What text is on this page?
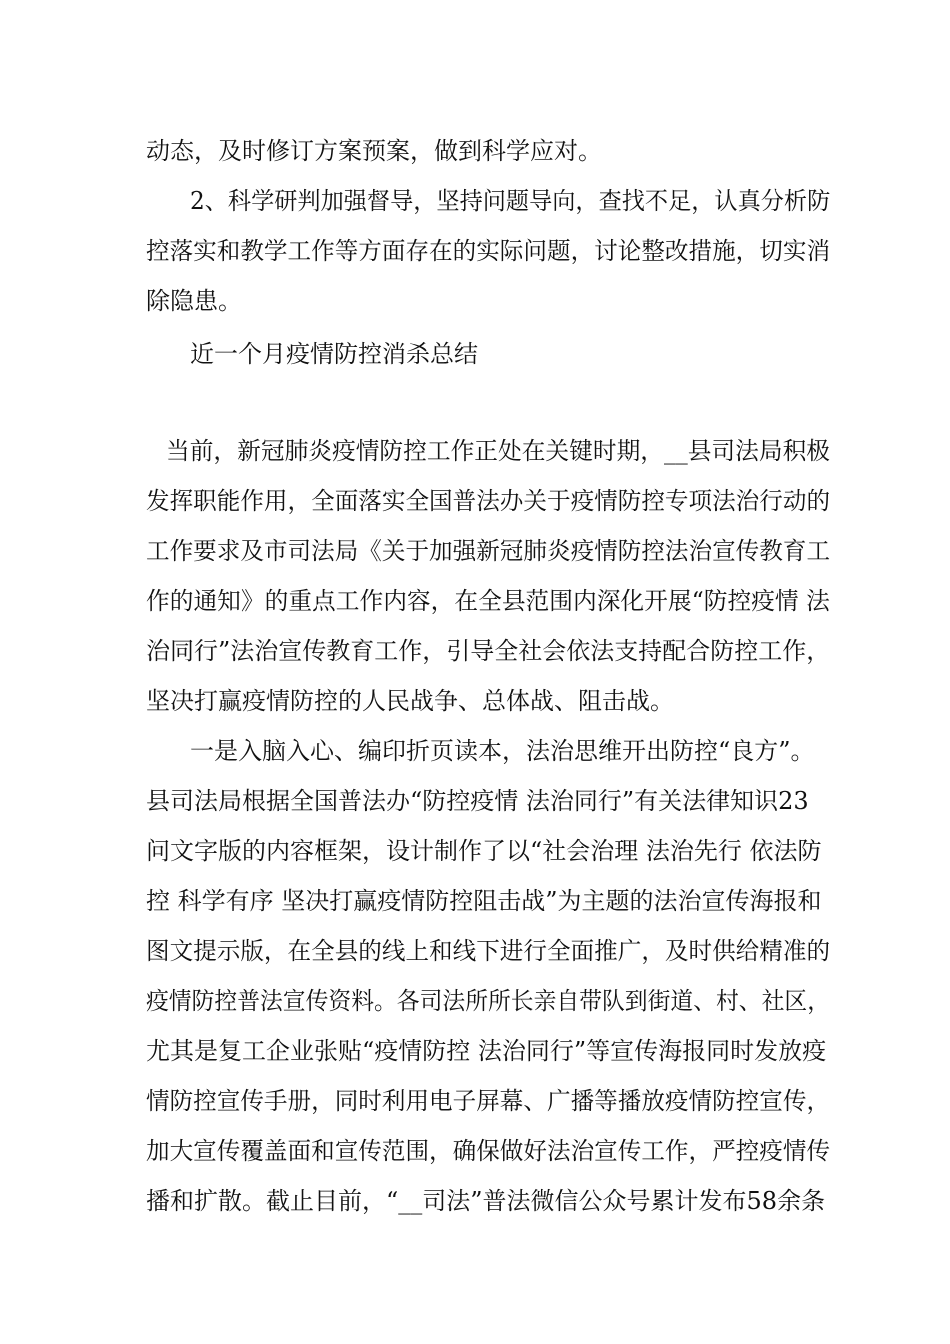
动态，及时修订方案预案，做到科学应对。
2、科学研判加强督导，坚持问题导向，查找不足，认真分析防
控落实和教学工作等方面存在的实际问题，讨论整改措施，切实消
除隐患。
近一个月疫情防控消杀总结
当前，新冠肺炎疫情防控工作正处在关键时期，__县司法局积极
发挥职能作用，全面落实全国普法办关于疫情防控专项法治行动的
工作要求及市司法局《关于加强新冠肺炎疫情防控法治宣传教育工
作的通知》的重点工作内容，在全县范围内深化开展“防控疫情 法
治同行”法治宣传教育工作，引导全社会依法支持配合防控工作，
坚决打赢疫情防控的人民战争、总体战、阻击战。
一是入脑入心、编印折页读本，法治思维开出防控“良方”。
县司法局根据全国普法办“防控疫情 法治同行”有关法律知识23
问文字版的内容框架，设计制作了以“社会治理 法治先行 依法防
控 科学有序 坚决打赢疫情防控阻击战”为主题的法治宣传海报和
图文提示版，在全县的线上和线下进行全面推广，及时供给精准的
疫情防控普法宣传资料。各司法所所长亲自带队到街道、村、社区，
尤其是复工企业张贴“疫情防控 法治同行”等宣传海报同时发放疫
情防控宣传手册，同时利用电子屏幕、广播等播放疫情防控宣传，
加大宣传覆盖面和宣传范围，确保做好法治宣传工作，严控疫情传
播和扩散。截止目前，“__司法”普法微信公众号累计发布58余条
